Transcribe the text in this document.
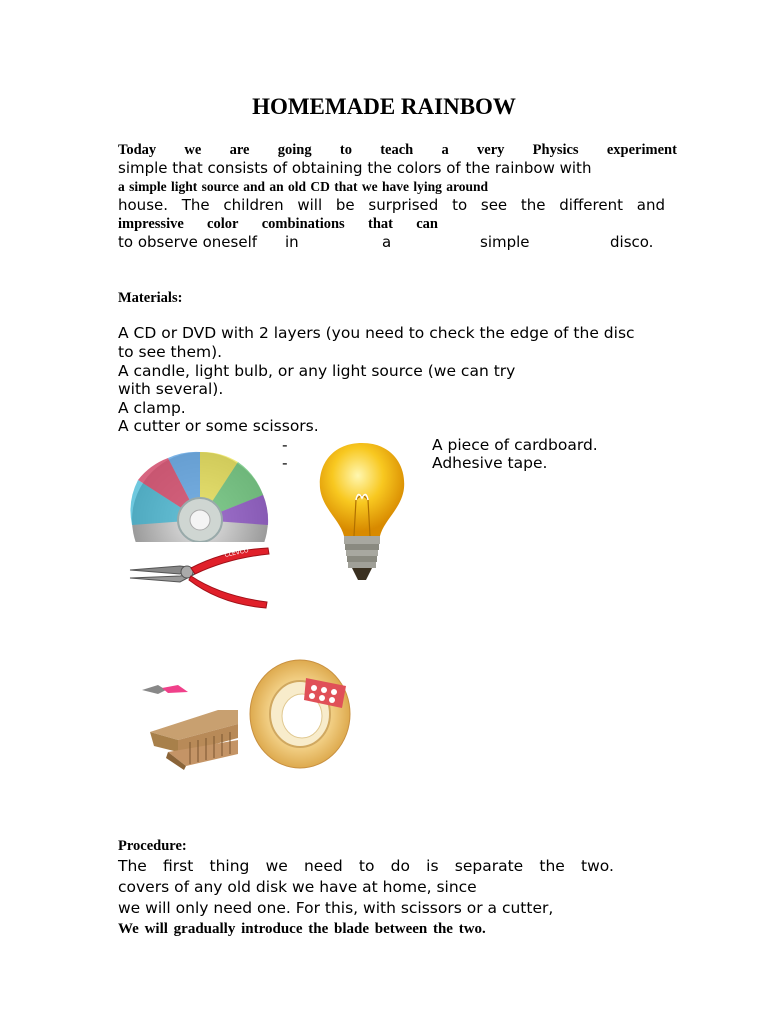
HOMEMADE RAINBOW
Today we are going to teach a very Physics experiment
simple that consists of obtaining the colors of the rainbow with
a simple light source and an old CD that we have lying around
house. The children will be surprised to see the different and
impressive color combinations that can
to observe oneself in	a	simple	disco.
Materials:
A CD or DVD with 2 layers (you need to check the edge of the disc
to see them).
A candle, light bulb, or any light source (we can try
with several).
A clamp.
A cutter or some scissors.
-	A piece of cardboard.
-	Adhesive tape.
CLEVCO
Procedure:
The first thing we need to do is separate the two.
covers of any old disk we have at home, since
we will only need one. For this, with scissors or a cutter,
We will gradually introduce the blade between the two.
